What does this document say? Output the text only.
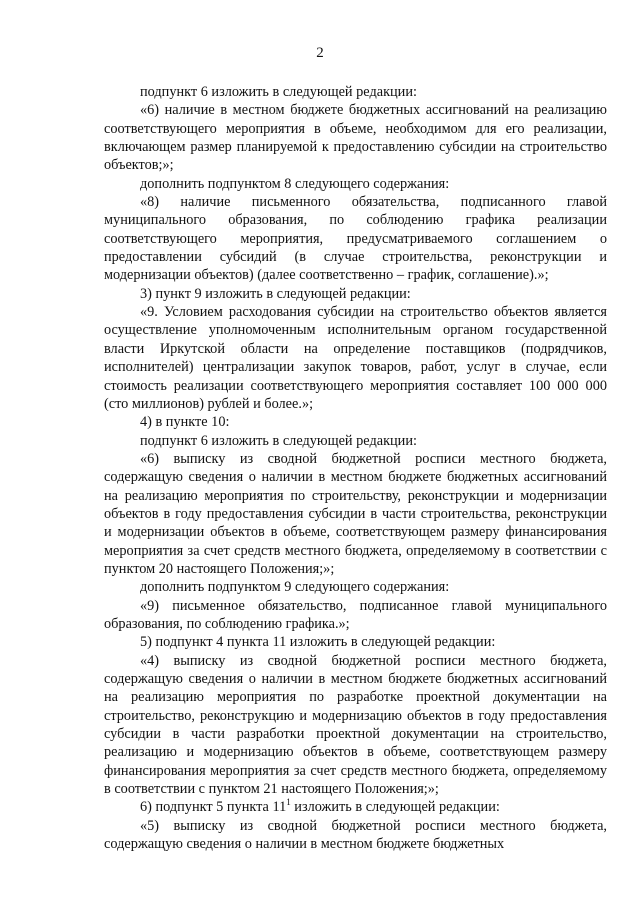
2

подпункт 6 изложить в следующей редакции:

«6) наличие в местном бюджете бюджетных ассигнований на реализацию соответствующего мероприятия в объеме, необходимом для его реализации, включающем размер планируемой к предоставлению субсидии на строительство объектов;»;

дополнить подпунктом 8 следующего содержания:

«8) наличие письменного обязательства, подписанного главой муниципального образования, по соблюдению графика реализации соответствующего мероприятия, предусматриваемого соглашением о предоставлении субсидий (в случае строительства, реконструкции и модернизации объектов) (далее соответственно – график, соглашение).»;

3) пункт 9 изложить в следующей редакции:

«9. Условием расходования субсидии на строительство объектов является осуществление уполномоченным исполнительным органом государственной власти Иркутской области на определение поставщиков (подрядчиков, исполнителей) централизации закупок товаров, работ, услуг в случае, если стоимость реализации соответствующего мероприятия составляет 100 000 000 (сто миллионов) рублей и более.»;

4) в пункте 10:

подпункт 6 изложить в следующей редакции:

«6) выписку из сводной бюджетной росписи местного бюджета, содержащую сведения о наличии в местном бюджете бюджетных ассигнований на реализацию мероприятия по строительству, реконструкции и модернизации объектов в году предоставления субсидии в части строительства, реконструкции и модернизации объектов в объеме, соответствующем размеру финансирования мероприятия за счет средств местного бюджета, определяемому в соответствии с пунктом 20 настоящего Положения;»;

дополнить подпунктом 9 следующего содержания:

«9) письменное обязательство, подписанное главой муниципального образования, по соблюдению графика.»;

5) подпункт 4 пункта 11 изложить в следующей редакции:

«4) выписку из сводной бюджетной росписи местного бюджета, содержащую сведения о наличии в местном бюджете бюджетных ассигнований на реализацию мероприятия по разработке проектной документации на строительство, реконструкцию и модернизацию объектов в году предоставления субсидии в части разработки проектной документации на строительство, реализацию и модернизацию объектов в объеме, соответствующем размеру финансирования мероприятия за счет средств местного бюджета, определяемому в соответствии с пунктом 21 настоящего Положения;»;

6) подпункт 5 пункта $11^1$ изложить в следующей редакции:

«5) выписку из сводной бюджетной росписи местного бюджета, содержащую сведения о наличии в местном бюджете бюджетных
